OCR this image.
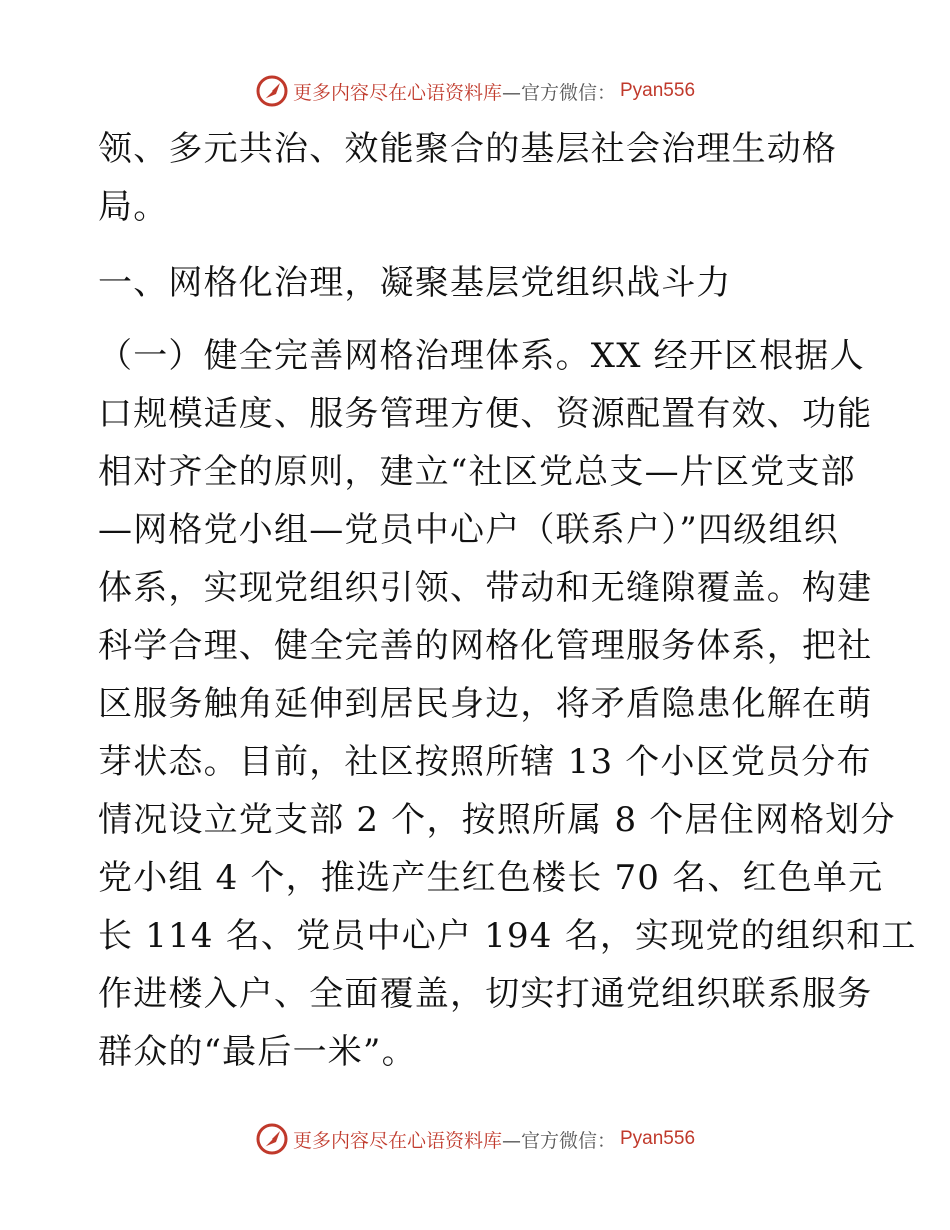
更多内容尽在心语资料库 —官方微信： Pyan556
领、多元共治、效能聚合的基层社会治理生动格
局。
一、网格化治理，凝聚基层党组织战斗力
（一）健全完善网格治理体系。XX 经开区根据人
口规模适度、服务管理方便、资源配置有效、功能
相对齐全的原则，建立“社区党总支—片区党支部
—网格党小组—党员中心户（联系户）”四级组织
体系，实现党组织引领、带动和无缝隙覆盖。构建
科学合理、健全完善的网格化管理服务体系，把社
区服务触角延伸到居民身边，将矛盾隐患化解在萌
芽状态。目前，社区按照所辖 13 个小区党员分布
情况设立党支部 2 个，按照所属 8 个居住网格划分
党小组 4 个，推选产生红色楼长 70 名、红色单元
长 114 名、党员中心户 194 名，实现党的组织和工
作进楼入户、全面覆盖，切实打通党组织联系服务
群众的“最后一米”。
更多内容尽在心语资料库 —官方微信： Pyan556
